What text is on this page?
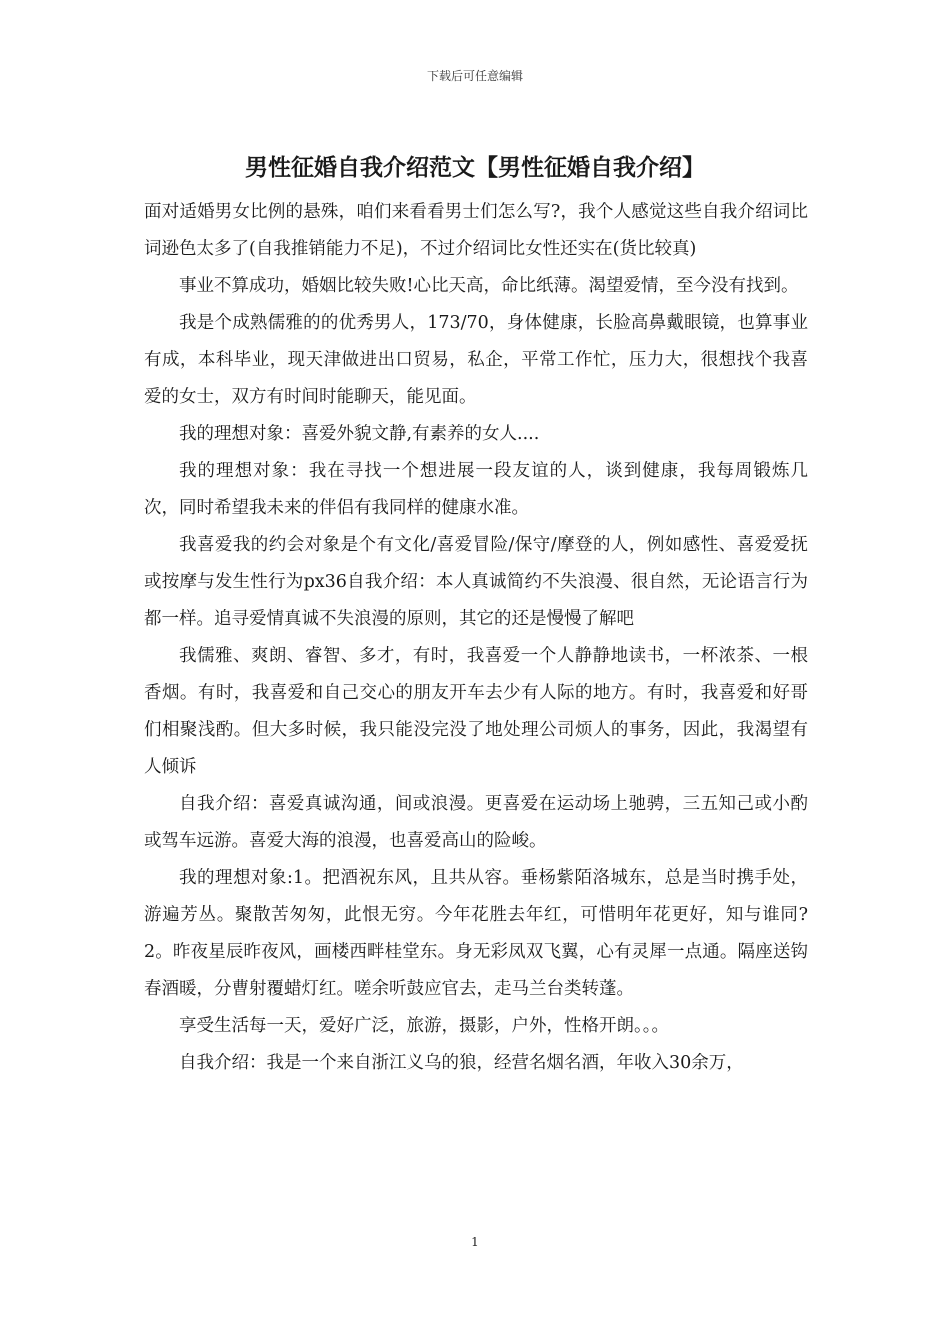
下载后可任意编辑
男性征婚自我介绍范文【男性征婚自我介绍】

面对适婚男女比例的悬殊，咱们来看看男士们怎么写?，我个人感觉这些自我介绍词比词逊色太多了(自我推销能力不足)，不过介绍词比女性还实在(货比较真)

事业不算成功，婚姻比较失败!心比天高，命比纸薄。渴望爱情，至今没有找到。

我是个成熟儒雅的的优秀男人，173/70，身体健康，长脸高鼻戴眼镜，也算事业有成，本科毕业，现天津做进出口贸易，私企，平常工作忙，压力大，很想找个我喜爱的女士，双方有时间时能聊天，能见面。

我的理想对象：喜爱外貌文静,有素养的女人....

我的理想对象：我在寻找一个想进展一段友谊的人，谈到健康，我每周锻炼几次，同时希望我未来的伴侣有我同样的健康水准。

我喜爱我的约会对象是个有文化/喜爱冒险/保守/摩登的人，例如感性、喜爱爱抚或按摩与发生性行为px36自我介绍：本人真诚简约不失浪漫、很自然，无论语言行为都一样。追寻爱情真诚不失浪漫的原则，其它的还是慢慢了解吧

我儒雅、爽朗、睿智、多才，有时，我喜爱一个人静静地读书，一杯浓茶、一根香烟。有时，我喜爱和自己交心的朋友开车去少有人际的地方。有时，我喜爱和好哥们相聚浅酌。但大多时候，我只能没完没了地处理公司烦人的事务，因此，我渴望有人倾诉

自我介绍：喜爱真诚沟通，间或浪漫。更喜爱在运动场上驰骋，三五知己或小酌或驾车远游。喜爱大海的浪漫，也喜爱高山的险峻。

我的理想对象:1。把酒祝东风，且共从容。垂杨紫陌洛城东，总是当时携手处，游遍芳丛。聚散苦匆匆，此恨无穷。今年花胜去年红，可惜明年花更好，知与谁同?2。昨夜星辰昨夜风，画楼西畔桂堂东。身无彩凤双飞翼，心有灵犀一点通。隔座送钩春酒暖，分曹射覆蜡灯红。嗟余听鼓应官去，走马兰台类转蓬。

享受生活每一天，爱好广泛，旅游，摄影，户外，性格开朗。。。

自我介绍：我是一个来自浙江义乌的狼，经营名烟名酒，年收入30余万，

1
